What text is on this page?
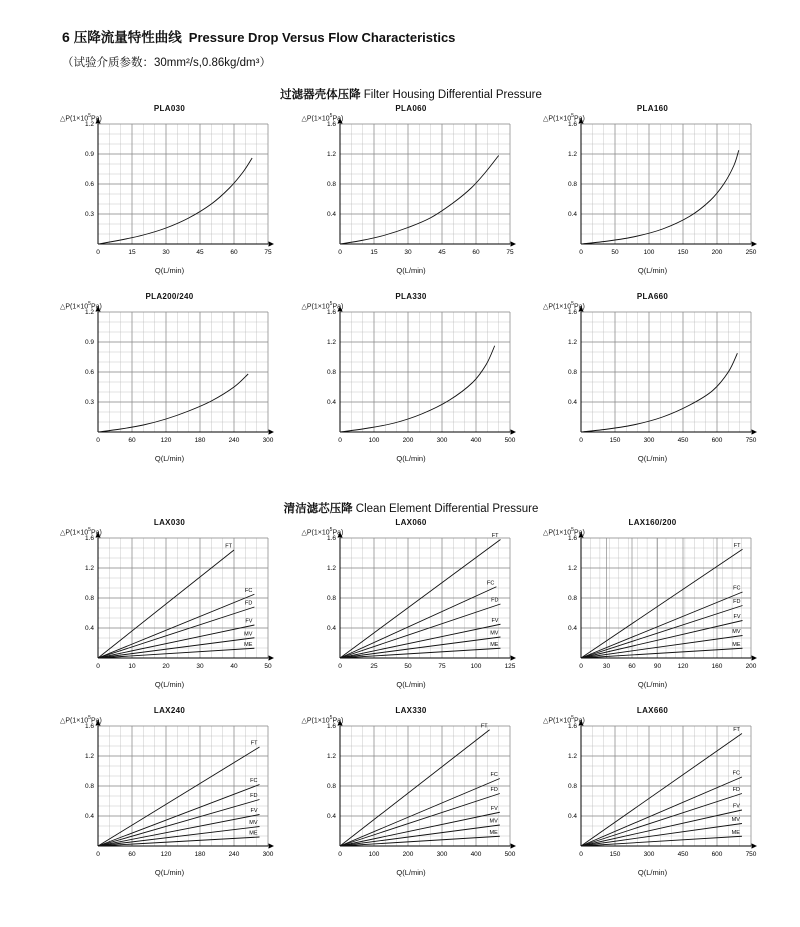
6 压降流量特性曲线 Pressure Drop Versus Flow Characteristics
（试验介质参数：30mm²/s,0.86kg/dm³）
过滤器壳体压降 Filter Housing Differential Pressure
PLA030
$\triangle P(1\times 10^5Pa)$
Q(L/min)
0	15	30	45	60	75
0.3
0.6
0.9
1.2
PLA060
$\triangle P(1\times 10^5Pa)$
Q(L/min)
0	15	30	45	60	75
0.4
0.8
1.2
1.6
PLA160
$\triangle P(1\times 10^5Pa)$
Q(L/min)
0	50	100	150	200	250
0.4
0.8
1.2
1.6
PLA200/240
$\triangle P(1\times 10^5Pa)$
Q(L/min)
0	60	120	180	240	300
0.3
0.6
0.9
1.2
PLA330
$\triangle P(1\times 10^5Pa)$
Q(L/min)
0	100	200	300	400	500
0.4
0.8
1.2
1.6
PLA660
$\triangle P(1\times 10^5Pa)$
Q(L/min)
0	150	300	450	600	750
0.4
0.8
1.2
1.6
清洁滤芯压降 Clean Element Differential Pressure
LAX030
$\triangle P(1\times 10^5Pa)$
Q(L/min)
0	10	20	30	40	50
0.4
0.8
1.2
1.6
FT
FC
FD
FV
MV
ME
LAX060
$\triangle P(1\times 10^5Pa)$
Q(L/min)
0	25	50	75	100	125
0.4
0.8
1.2
1.6	FT
FC
FD
FV
MV
ME
LAX160/200
$\triangle P(1\times 10^5Pa)$
Q(L/min)
0	30	60	90	120	160	200
0.4
0.8
1.2
1.6
FT
FC
FD
FV
MV
ME
LAX240
$\triangle P(1\times 10^5Pa)$
Q(L/min)
0	60	120	180	240	300
0.4
0.8
1.2
1.6
FT
FC
FD
FV
MV
ME
LAX330
$\triangle P(1\times 10^5Pa)$
Q(L/min)
0	100	200	300	400	500
0.4
0.8
1.2
1.6	FT
FC
FD
FV
MV
ME
LAX660
$\triangle P(1\times 10^5Pa)$
Q(L/min)
0	150	300	450	600	750
0.4
0.8
1.2
1.6	FT
FC
FD
FV
MV
ME
